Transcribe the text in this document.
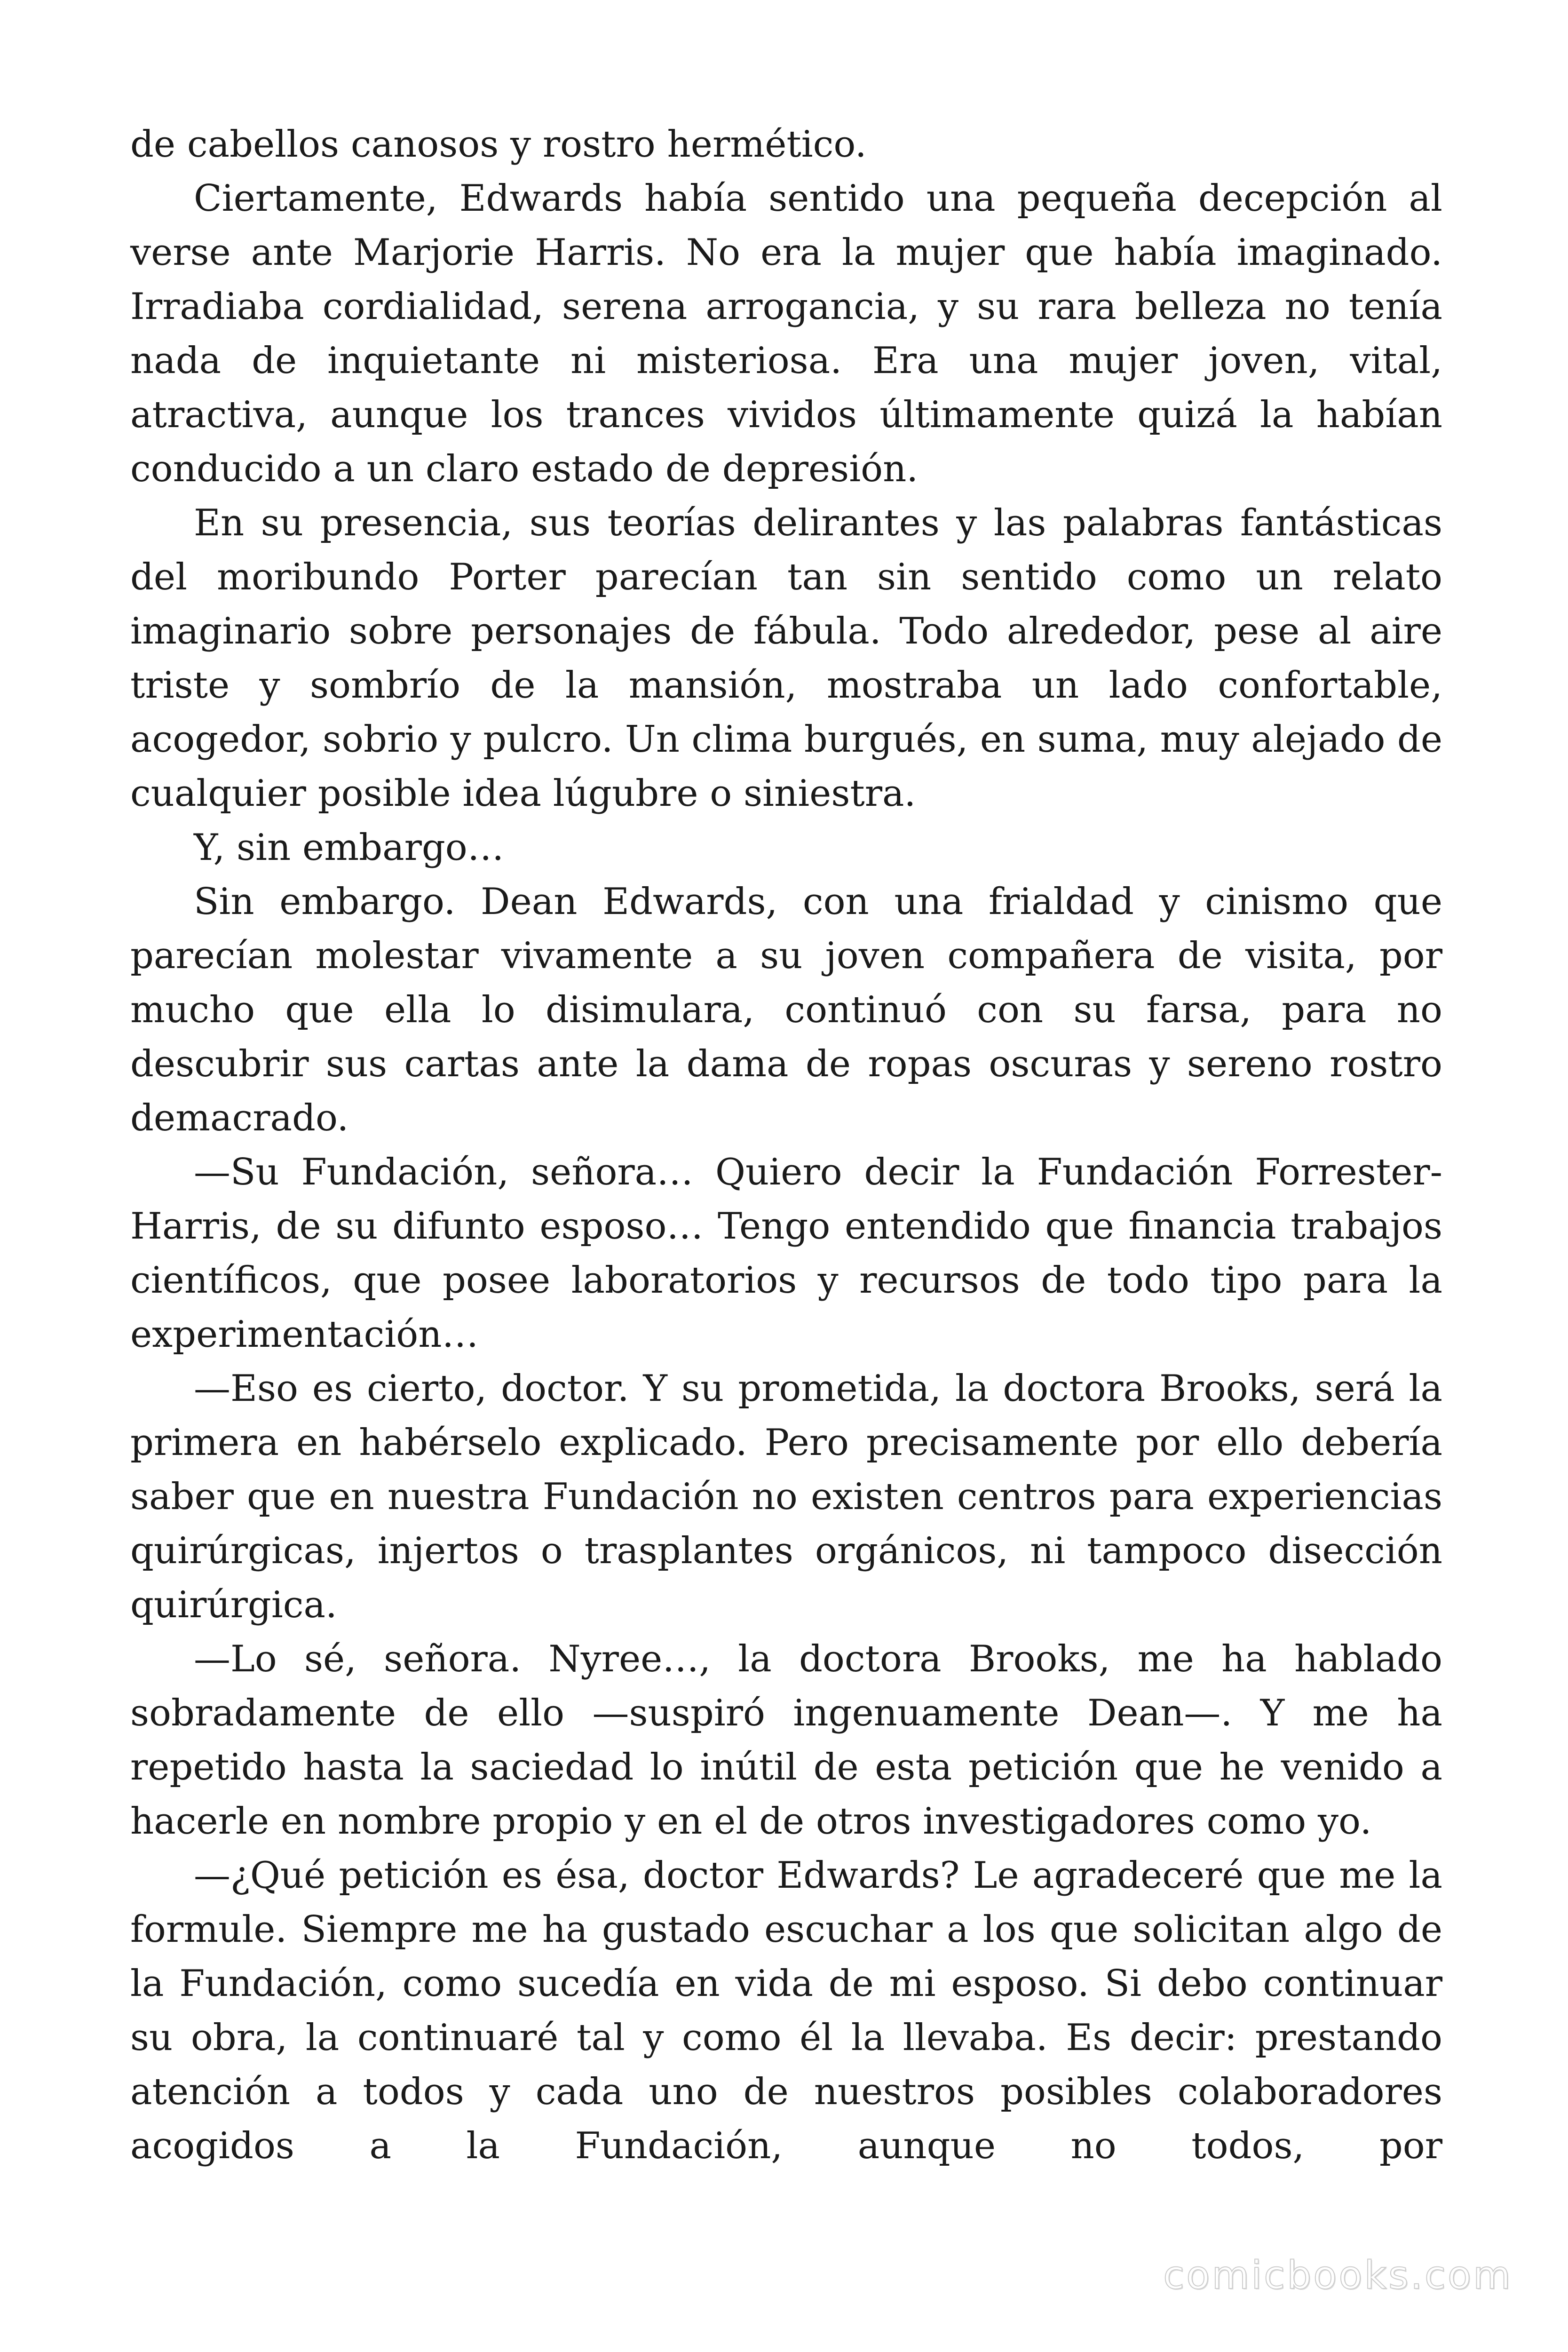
de cabellos canosos y rostro hermético.

Ciertamente, Edwards había sentido una pequeña decepción al verse ante Marjorie Harris. No era la mujer que había imaginado. Irradiaba cordialidad, serena arrogancia, y su rara belleza no tenía nada de inquietante ni misteriosa. Era una mujer joven, vital, atractiva, aunque los trances vividos últimamente quizá la habían conducido a un claro estado de depresión.

En su presencia, sus teorías delirantes y las palabras fantásticas del moribundo Porter parecían tan sin sentido como un relato imaginario sobre personajes de fábula. Todo alrededor, pese al aire triste y sombrío de la mansión, mostraba un lado confortable, acogedor, sobrio y pulcro. Un clima burgués, en suma, muy alejado de cualquier posible idea lúgubre o siniestra.

Y, sin embargo…

Sin embargo. Dean Edwards, con una frialdad y cinismo que parecían molestar vivamente a su joven compañera de visita, por mucho que ella lo disimulara, continuó con su farsa, para no descubrir sus cartas ante la dama de ropas oscuras y sereno rostro demacrado.

—Su Fundación, señora… Quiero decir la Fundación Forrester-Harris, de su difunto esposo… Tengo entendido que financia trabajos científicos, que posee laboratorios y recursos de todo tipo para la experimentación…

—Eso es cierto, doctor. Y su prometida, la doctora Brooks, será la primera en habérselo explicado. Pero precisamente por ello debería saber que en nuestra Fundación no existen centros para experiencias quirúrgicas, injertos o trasplantes orgánicos, ni tampoco disección quirúrgica.

—Lo sé, señora. Nyree…, la doctora Brooks, me ha hablado sobradamente de ello —suspiró ingenuamente Dean—. Y me ha repetido hasta la saciedad lo inútil de esta petición que he venido a hacerle en nombre propio y en el de otros investigadores como yo.

—¿Qué petición es ésa, doctor Edwards? Le agradeceré que me la formule. Siempre me ha gustado escuchar a los que solicitan algo de la Fundación, como sucedía en vida de mi esposo. Si debo continuar su obra, la continuaré tal y como él la llevaba. Es decir: prestando atención a todos y cada uno de nuestros posibles colaboradores acogidos a la Fundación, aunque no todos, por

comicbooks.com
